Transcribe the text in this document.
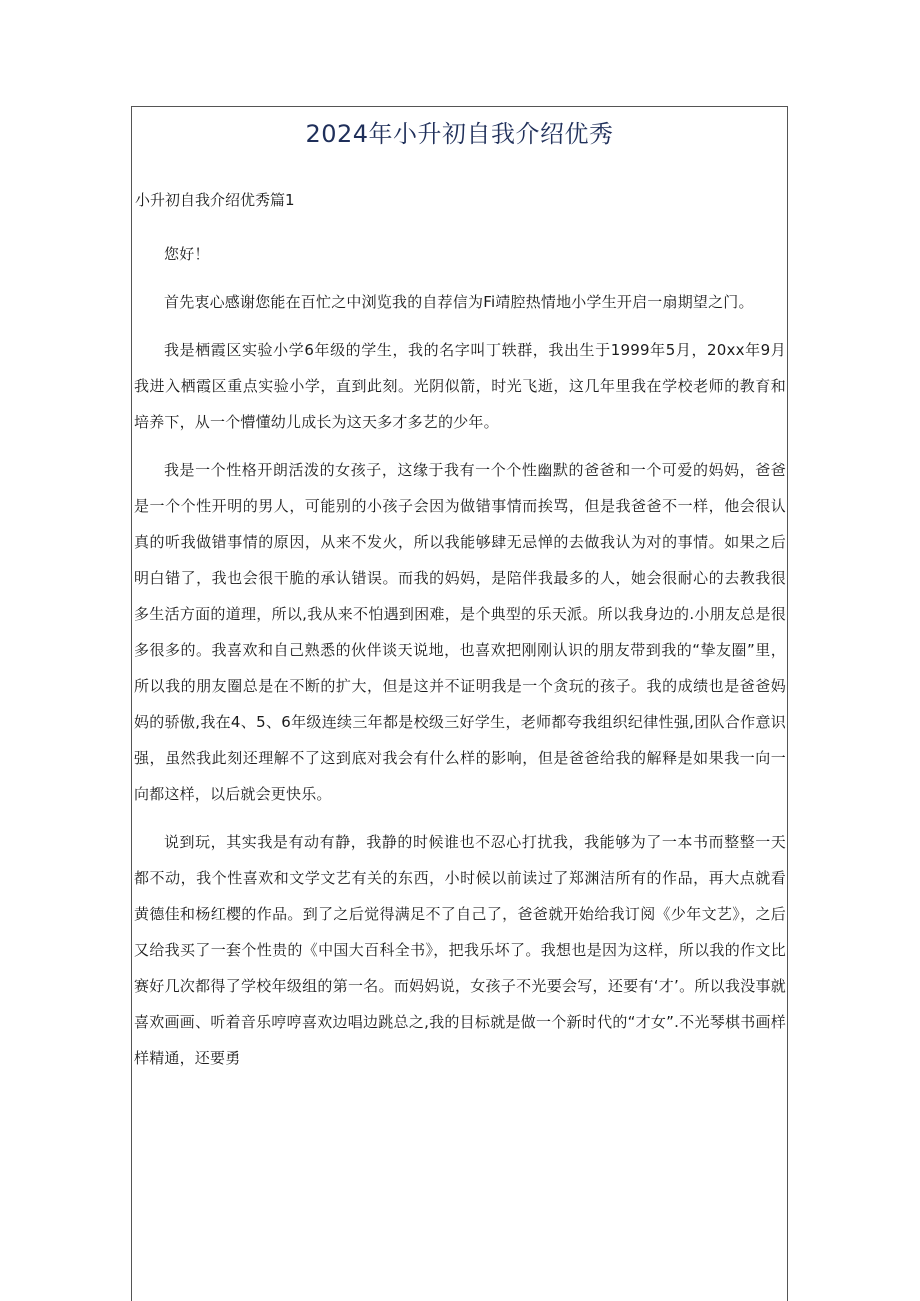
2024年小升初自我介绍优秀
小升初自我介绍优秀篇1

您好！

首先衷心感谢您能在百忙之中浏览我的自荐信为Fi靖腔热情地小学生开启一扇期望之门。

我是栖霞区实验小学6年级的学生，我的名字叫丁轶群，我出生于1999年5月，20xx年9月我进入栖霞区重点实验小学，直到此刻。光阴似箭，时光飞逝，这几年里我在学校老师的教育和培养下，从一个懵懂幼儿成长为这天多才多艺的少年。

我是一个性格开朗活泼的女孩子，这缘于我有一个个性幽默的爸爸和一个可爱的妈妈，爸爸是一个个性开明的男人，可能别的小孩子会因为做错事情而挨骂，但是我爸爸不一样，他会很认真的听我做错事情的原因，从来不发火，所以我能够肆无忌惮的去做我认为对的事情。如果之后明白错了，我也会很干脆的承认错误。而我的妈妈，是陪伴我最多的人，她会很耐心的去教我很多生活方面的道理，所以,我从来不怕遇到困难，是个典型的乐天派。所以我身边的.小朋友总是很多很多的。我喜欢和自己熟悉的伙伴谈天说地，也喜欢把刚刚认识的朋友带到我的“挚友圈”里，所以我的朋友圈总是在不断的扩大，但是这并不证明我是一个贪玩的孩子。我的成绩也是爸爸妈妈的骄傲,我在4、5、6年级连续三年都是校级三好学生，老师都夸我组织纪律性强,团队合作意识强，虽然我此刻还理解不了这到底对我会有什么样的影响，但是爸爸给我的解释是如果我一向一向都这样，以后就会更快乐。

说到玩，其实我是有动有静，我静的时候谁也不忍心打扰我，我能够为了一本书而整整一天都不动，我个性喜欢和文学文艺有关的东西，小时候以前读过了郑渊洁所有的作品，再大点就看黄德佳和杨红樱的作品。到了之后觉得满足不了自己了，爸爸就开始给我订阅《少年文艺》，之后又给我买了一套个性贵的《中国大百科全书》，把我乐坏了。我想也是因为这样，所以我的作文比赛好几次都得了学校年级组的第一名。而妈妈说，女孩子不光要会写，还要有‘才’。所以我没事就喜欢画画、听着音乐哼哼喜欢边唱边跳总之,我的目标就是做一个新时代的“才女”.不光琴棋书画样样精通，还要勇
